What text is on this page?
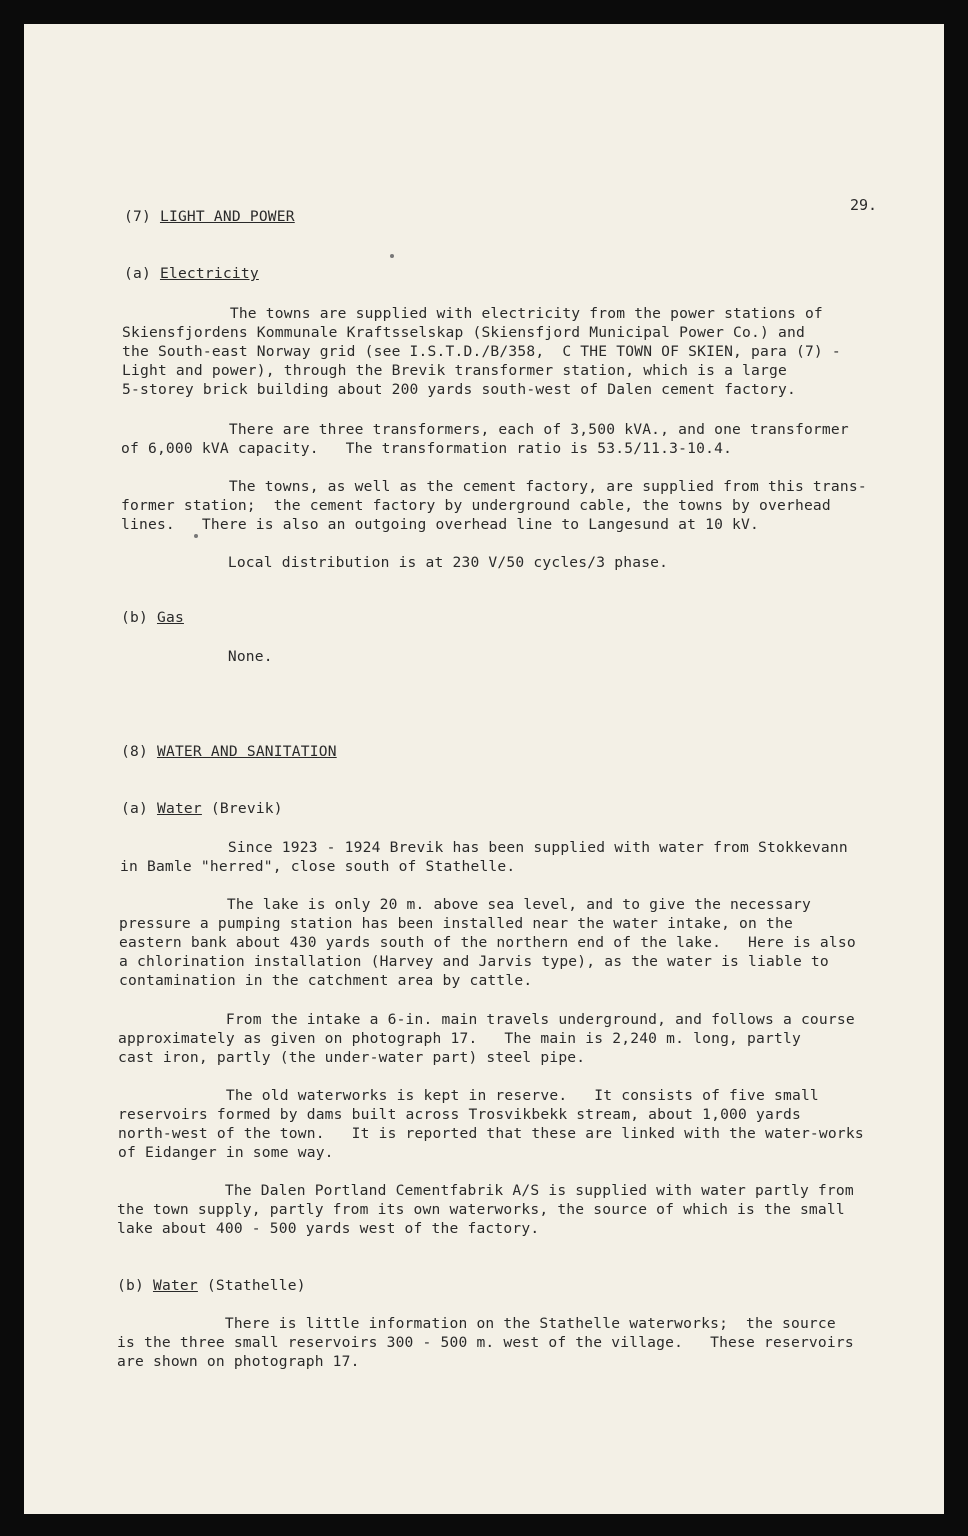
29.
(7) LIGHT AND POWER
(a) Electricity
The towns are supplied with electricity from the power stations of
Skiensfjordens Kommunale Kraftsselskap (Skiensfjord Municipal Power Co.) and
the South-east Norway grid (see I.S.T.D./B/358,  C THE TOWN OF SKIEN, para (7) -
Light and power), through the Brevik transformer station, which is a large
5-storey brick building about 200 yards south-west of Dalen cement factory.
There are three transformers, each of 3,500 kVA., and one transformer
of 6,000 kVA capacity.   The transformation ratio is 53.5/11.3-10.4.
The towns, as well as the cement factory, are supplied from this trans-
former station;  the cement factory by underground cable, the towns by overhead
lines.   There is also an outgoing overhead line to Langesund at 10 kV.
Local distribution is at 230 V/50 cycles/3 phase.
(b) Gas
None.
(8) WATER AND SANITATION
(a) Water (Brevik)
Since 1923 - 1924 Brevik has been supplied with water from Stokkevann
in Bamle "herred", close south of Stathelle.
The lake is only 20 m. above sea level, and to give the necessary
pressure a pumping station has been installed near the water intake, on the
eastern bank about 430 yards south of the northern end of the lake.   Here is also
a chlorination installation (Harvey and Jarvis type), as the water is liable to
contamination in the catchment area by cattle.
From the intake a 6-in. main travels underground, and follows a course
approximately as given on photograph 17.   The main is 2,240 m. long, partly
cast iron, partly (the under-water part) steel pipe.
The old waterworks is kept in reserve.   It consists of five small
reservoirs formed by dams built across Trosvikbekk stream, about 1,000 yards
north-west of the town.   It is reported that these are linked with the water-works
of Eidanger in some way.
The Dalen Portland Cementfabrik A/S is supplied with water partly from
the town supply, partly from its own waterworks, the source of which is the small
lake about 400 - 500 yards west of the factory.
(b) Water (Stathelle)
There is little information on the Stathelle waterworks;  the source
is the three small reservoirs 300 - 500 m. west of the village.   These reservoirs
are shown on photograph 17.
